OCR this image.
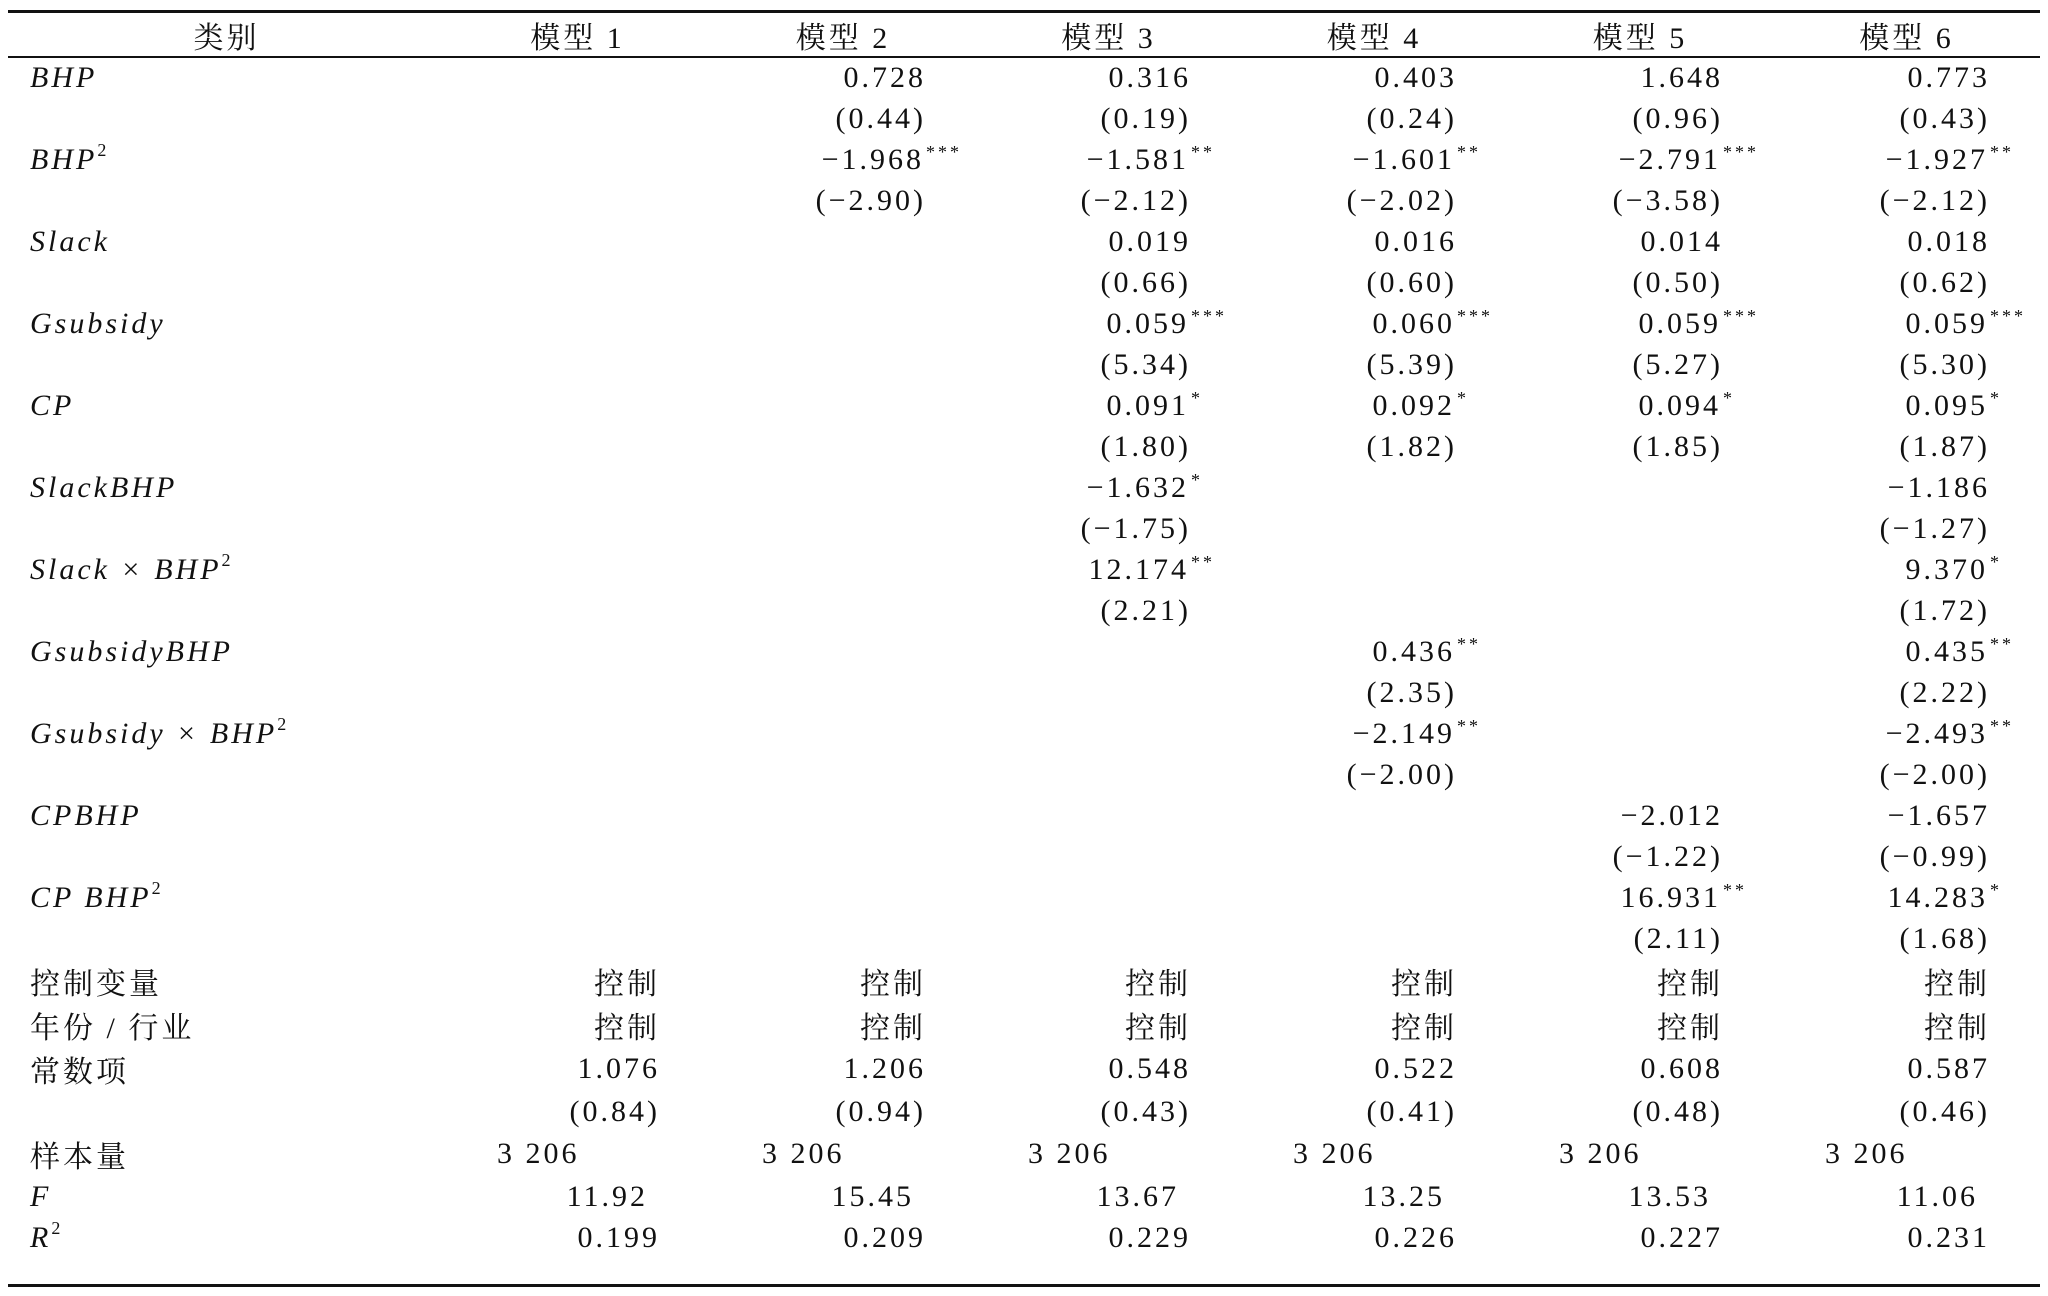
类别	模型 1	模型 2	模型 3	模型 4	模型 5	模型 6
BHP		0.728	0.316	0.403	1.648	0.773
		(0.44)	(0.19)	(0.24)	(0.96)	(0.43)
BHP$^2$		−1.968 ***	−1.581 **	−1.601 **	−2.791 ***	−1.927 **
		(−2.90)	(−2.12)	(−2.02)	(−3.58)	(−2.12)
Slack			0.019	0.016	0.014	0.018
			(0.66)	(0.60)	(0.50)	(0.62)
Gsubsidy			0.059 ***	0.060 ***	0.059 ***	0.059 ***
			(5.34)	(5.39)	(5.27)	(5.30)
CP			0.091 *	0.092 *	0.094 *	0.095 *
			(1.80)	(1.82)	(1.85)	(1.87)
SlackBHP			−1.632 *			−1.186
			(−1.75)			(−1.27)
Slack × $BHP^2$			12.174 **			9.370 *
			(2.21)			(1.72)
GsubsidyBHP				0.436 **		0.435 **
				(2.35)		(2.22)
Gsubsidy × $BHP^2$				−2.149 **		−2.493 **
				(−2.00)		(−2.00)
CPBHP					−2.012	−1.657
					(−1.22)	(−0.99)
CP BHP$^2$					16.931 **	14.283 *
					(2.11)	(1.68)
控制变量	控制	控制	控制	控制	控制	控制
年份 / 行业	控制	控制	控制	控制	控制	控制
常数项	1.076	1.206	0.548	0.522	0.608	0.587
	(0.84)	(0.94)	(0.43)	(0.41)	(0.48)	(0.46)
样本量	3 206	3 206	3 206	3 206	3 206	3 206
F	11.92	15.45	13.67	13.25	13.53	11.06
$R^2$	0.199	0.209	0.229	0.226	0.227	0.231
